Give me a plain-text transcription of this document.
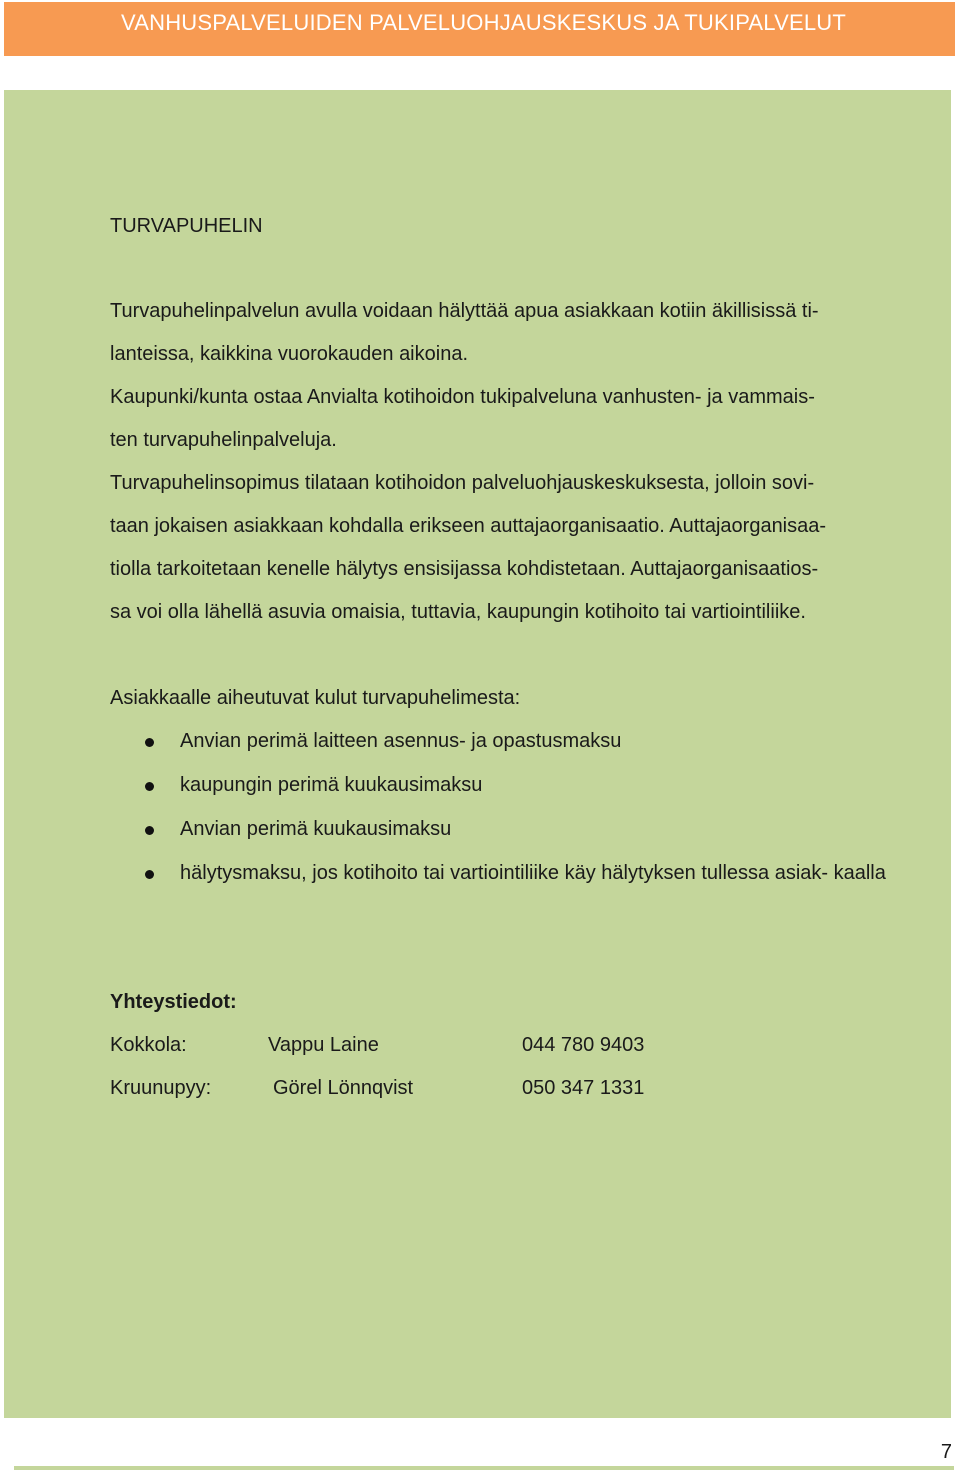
VANHUSPALVELUIDEN PALVELUOHJAUSKESKUS JA TUKIPALVELUT
TURVAPUHELIN

Turvapuhelinpalvelun avulla voidaan hälyttää apua asiakkaan kotiin äkillisissä ti-

lanteissa, kaikkina vuorokauden aikoina.

Kaupunki/kunta ostaa Anvialta kotihoidon tukipalveluna vanhusten- ja vammais-

ten turvapuhelinpalveluja.

Turvapuhelinsopimus tilataan kotihoidon palveluohjauskeskuksesta, jolloin sovi-

taan jokaisen asiakkaan kohdalla erikseen auttajaorganisaatio. Auttajaorganisaa-

tiolla tarkoitetaan kenelle hälytys ensisijassa kohdistetaan. Auttajaorganisaatios-

sa voi olla lähellä asuvia omaisia, tuttavia, kaupungin kotihoito tai vartiointiliike.

Asiakkaalle aiheutuvat kulut turvapuhelimesta:

Anvian perimä laitteen asennus- ja opastusmaksu
kaupungin perimä kuukausimaksu
Anvian perimä kuukausimaksu
hälytysmaksu, jos kotihoito tai vartiointiliike käy hälytyksen tullessa asiak- kaalla

Yhteystiedot:

Kokkola:	Vappu Laine	044 780 9403
Kruunupyy:	Görel Lönnqvist	050 347 1331
7
